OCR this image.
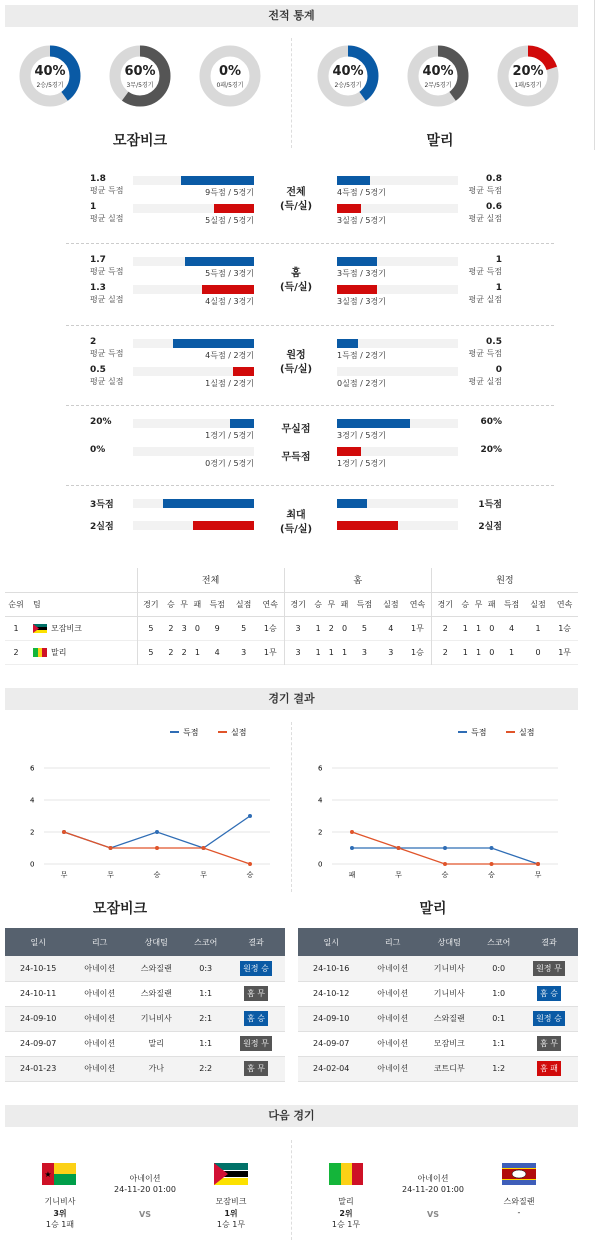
전적 통계
40%
2승/5경기
60%
3무/5경기
0%
0패/5경기
40%
2승/5경기
40%
2무/5경기
20%
1패/5경기
모잠비크	말리
전체
(득/실)
1.8
평균 득점	9득점 / 5경기	4득점 / 5경기
0.8
평균 득점
1
평균 실점	5실점 / 5경기	3실점 / 5경기
0.6
평균 실점
홈
(득/실)
1.7
평균 득점	5득점 / 3경기	3득점 / 3경기
1
평균 득점
1.3
평균 실점	4실점 / 3경기	3실점 / 3경기
1
평균 실점
원정
(득/실)
2
평균 득점	4득점 / 2경기	1득점 / 2경기
0.5
평균 득점
0.5
평균 실점	1실점 / 2경기	0실점 / 2경기
0
평균 실점
무실점
20%
1경기 / 5경기	3경기 / 5경기
60%
무득점
0%
0경기 / 5경기	1경기 / 5경기
20%
최대
(득/실)
3득점	1득점
2실점	2실점
		전체							홈							원정						
순위	팀	경기	승	무	패	득점	실점	연속	경기	승	무	패	득점	실점	연속	경기	승	무	패	득점	실점	연속
1	모잠비크	5	2	3	0	9	5	1승	3	1	2	0	5	4	1무	2	1	1	0	4	1	1승
2	말리	5	2	2	1	4	3	1무	3	1	1	1	3	3	1승	2	1	1	0	1	0	1무
경기 결과
득점	실점
6
4
2
0
무	무	승	무	승
득점	실점
6
4
2
0
패	무	승	승	무
모잠비크	말리
일시	리그	상대팀	스코어	결과
24-10-15	아네이션	스와질랜	0:3	원정 승
24-10-11	아네이션	스와질랜	1:1	홈 무
24-09-10	아네이션	기니비사	2:1	홈 승
24-09-07	아네이션	말리	1:1	원정 무
24-01-23	아네이션	가나	2:2	홈 무
일시	리그	상대팀	스코어	결과
24-10-16	아네이션	기니비사	0:0	원정 무
24-10-12	아네이션	기니비사	1:0	홈 승
24-09-10	아네이션	스와질랜	0:1	원정 승
24-09-07	아네이션	모잠비크	1:1	홈 무
24-02-04	아네이션	코트디부	1:2	홈 패
다음 경기
★
기니비사
3위
1승 1패
아네이션
24-11-20 01:00
VS
모잠비크
1위
1승 1무
말리
2위
1승 1무
아네이션
24-11-20 01:00
VS
스와질랜
-
